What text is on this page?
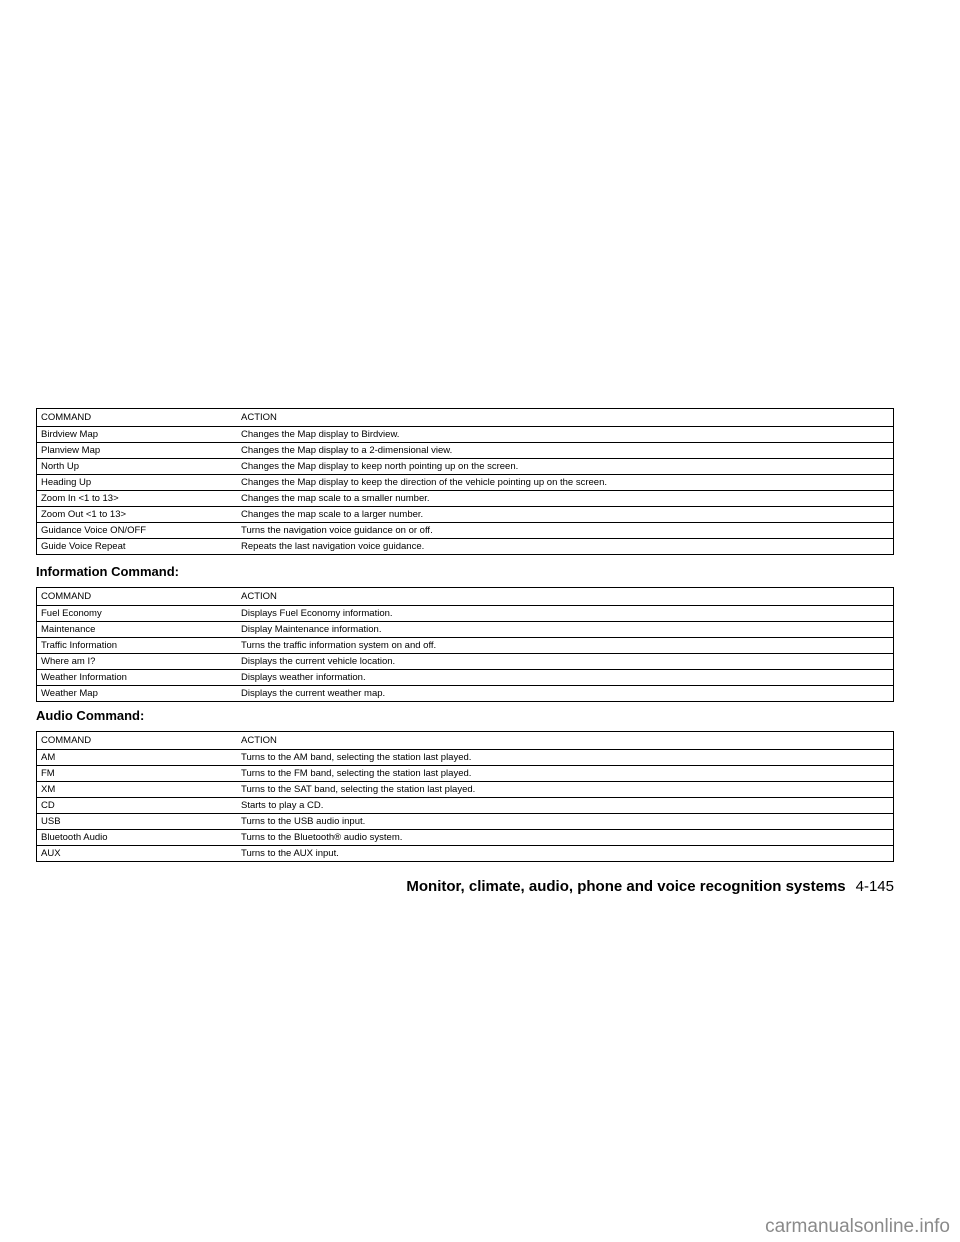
COMMAND	ACTION
Birdview Map	Changes the Map display to Birdview.
Planview Map	Changes the Map display to a 2-dimensional view.
North Up	Changes the Map display to keep north pointing up on the screen.
Heading Up	Changes the Map display to keep the direction of the vehicle pointing up on the screen.
Zoom In <1 to 13>	Changes the map scale to a smaller number.
Zoom Out <1 to 13>	Changes the map scale to a larger number.
Guidance Voice ON/OFF	Turns the navigation voice guidance on or off.
Guide Voice Repeat	Repeats the last navigation voice guidance.
Information Command:
COMMAND	ACTION
Fuel Economy	Displays Fuel Economy information.
Maintenance	Display Maintenance information.
Traffic Information	Turns the traffic information system on and off.
Where am I?	Displays the current vehicle location.
Weather Information	Displays weather information.
Weather Map	Displays the current weather map.
Audio Command:
COMMAND	ACTION
AM	Turns to the AM band, selecting the station last played.
FM	Turns to the FM band, selecting the station last played.
XM	Turns to the SAT band, selecting the station last played.
CD	Starts to play a CD.
USB	Turns to the USB audio input.
Bluetooth Audio	Turns to the Bluetooth® audio system.
AUX	Turns to the AUX input.
Monitor, climate, audio, phone and voice recognition systems 4-145
carmanualsonline.info
